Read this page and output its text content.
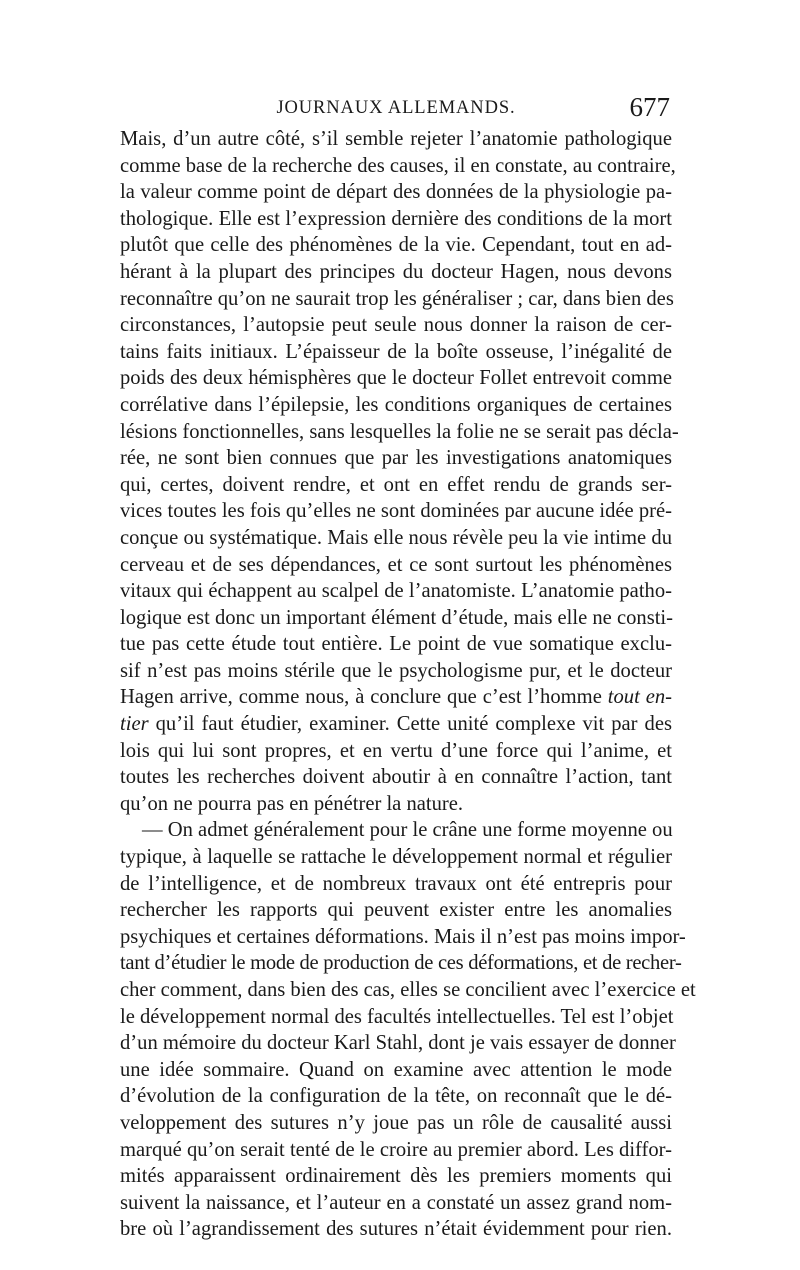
JOURNAUX ALLEMANDS.	677
Mais, d’un autre côté, s’il semble rejeter l’anatomie pathologique
comme base de la recherche des causes, il en constate, au contraire,
la valeur comme point de départ des données de la physiologie pa-
thologique. Elle est l’expression dernière des conditions de la mort
plutôt que celle des phénomènes de la vie. Cependant, tout en ad-
hérant à la plupart des principes du docteur Hagen, nous devons
reconnaître qu’on ne saurait trop les généraliser ; car, dans bien des
circonstances, l’autopsie peut seule nous donner la raison de cer-
tains faits initiaux. L’épaisseur de la boîte osseuse, l’inégalité de
poids des deux hémisphères que le docteur Follet entrevoit comme
corrélative dans l’épilepsie, les conditions organiques de certaines
lésions fonctionnelles, sans lesquelles la folie ne se serait pas décla-
rée, ne sont bien connues que par les investigations anatomiques
qui, certes, doivent rendre, et ont en effet rendu de grands ser-
vices toutes les fois qu’elles ne sont dominées par aucune idée pré-
conçue ou systématique. Mais elle nous révèle peu la vie intime du
cerveau et de ses dépendances, et ce sont surtout les phénomènes
vitaux qui échappent au scalpel de l’anatomiste. L’anatomie patho-
logique est donc un important élément d’étude, mais elle ne consti-
tue pas cette étude tout entière. Le point de vue somatique exclu-
sif n’est pas moins stérile que le psychologisme pur, et le docteur
Hagen arrive, comme nous, à conclure que c’est l’homme tout en-
tier qu’il faut étudier, examiner. Cette unité complexe vit par des
lois qui lui sont propres, et en vertu d’une force qui l’anime, et
toutes les recherches doivent aboutir à en connaître l’action, tant
qu’on ne pourra pas en pénétrer la nature.
— On admet généralement pour le crâne une forme moyenne ou
typique, à laquelle se rattache le développement normal et régulier
de l’intelligence, et de nombreux travaux ont été entrepris pour
rechercher les rapports qui peuvent exister entre les anomalies
psychiques et certaines déformations. Mais il n’est pas moins impor-
tant d’étudier le mode de production de ces déformations, et de recher-
cher comment, dans bien des cas, elles se concilient avec l’exercice et
le développement normal des facultés intellectuelles. Tel est l’objet
d’un mémoire du docteur Karl Stahl, dont je vais essayer de donner
une idée sommaire. Quand on examine avec attention le mode
d’évolution de la configuration de la tête, on reconnaît que le dé-
veloppement des sutures n’y joue pas un rôle de causalité aussi
marqué qu’on serait tenté de le croire au premier abord. Les diffor-
mités apparaissent ordinairement dès les premiers moments qui
suivent la naissance, et l’auteur en a constaté un assez grand nom-
bre où l’agrandissement des sutures n’était évidemment pour rien.
